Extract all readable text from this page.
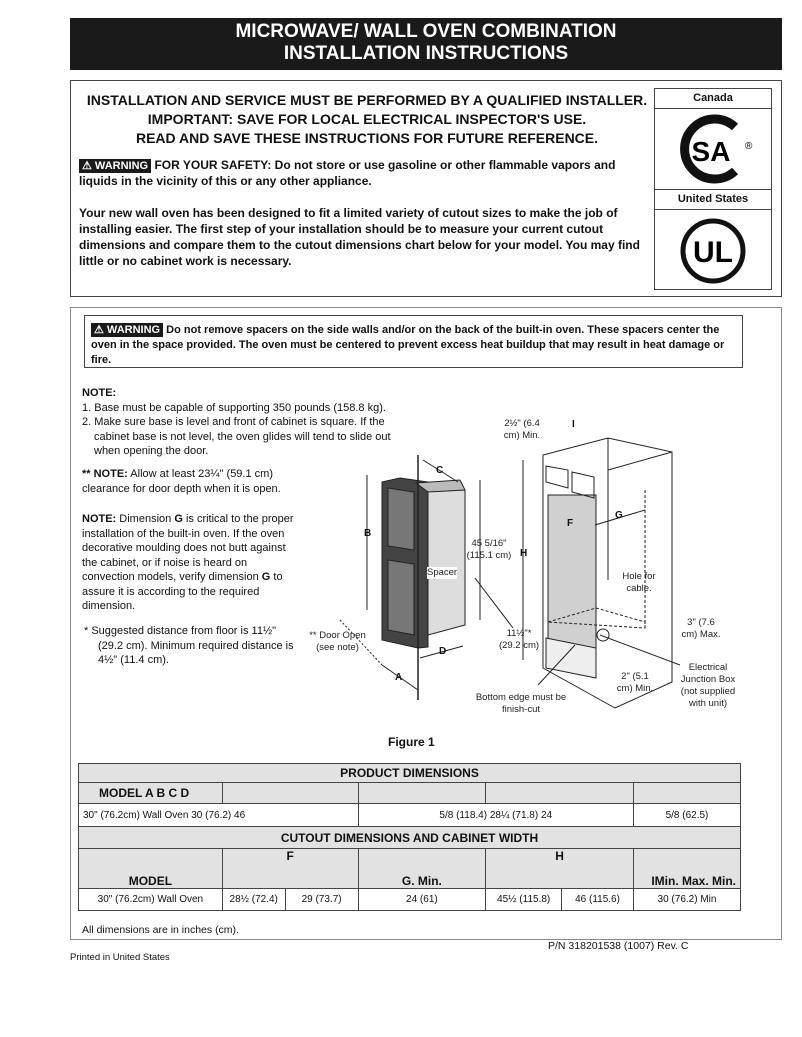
MICROWAVE/ WALL OVEN COMBINATION
INSTALLATION INSTRUCTIONS
INSTALLATION AND SERVICE MUST BE PERFORMED BY A QUALIFIED INSTALLER.
IMPORTANT: SAVE FOR LOCAL ELECTRICAL INSPECTOR'S USE.
READ AND SAVE THESE INSTRUCTIONS FOR FUTURE REFERENCE.
⚠ WARNING FOR YOUR SAFETY: Do not store or use gasoline or other flammable vapors and liquids in the vicinity of this or any other appliance.
Your new wall oven has been designed to fit a limited variety of cutout sizes to make the job of installing easier. The first step of your installation should be to measure your current cutout dimensions and compare them to the cutout dimensions chart below for your model. You may find little or no cabinet work is necessary.
Canada
SA ®
United States
UL
⚠ WARNING Do not remove spacers on the side walls and/or on the back of the built-in oven. These spacers center the oven in the space provided. The oven must be centered to prevent excess heat buildup that may result in heat damage or fire.
NOTE:
1. Base must be capable of supporting 350 pounds (158.8 kg).
2. Make sure base is level and front of cabinet is square. If the cabinet base is not level, the oven glides will tend to slide out when opening the door.
** NOTE: Allow at least 23¼" (59.1 cm) clearance for door depth when it is open.
NOTE: Dimension G is critical to the proper installation of the built-in oven. If the oven decorative moulding does not butt against the cabinet, or if noise is heard on convection models, verify dimension G to assure it is according to the required dimension.
* Suggested distance from floor is 11½" (29.2 cm). Minimum required distance is 4½" (11.4 cm).
A
B
C
D
F
G
H
I
Spacer
** Door Open (see note)
45 5/16" (115.1 cm)
2½" (6.4 cm) Min.
11½"* (29.2 cm)
Hole for cable.
3" (7.6 cm) Max.
2" (5.1 cm) Min.
Electrical Junction Box (not supplied with unit)
Bottom edge must be finish-cut
Figure 1
PRODUCT DIMENSIONS						
MODEL A B C D						
30" (76.2cm) Wall Oven 30 (76.2) 46			5/8 (118.4) 28¼ (71.8) 24			5/8 (62.5)
CUTOUT DIMENSIONS AND CABINET WIDTH						
MODEL	F		G. Min.	H		IMin. Max. Min.
30" (76.2cm) Wall Oven	28½ (72.4)	29 (73.7)	24 (61)	45½ (115.8)	46 (115.6)	30 (76.2) Min
All dimensions are in inches (cm).
P/N 318201538 (1007) Rev. C
Printed in United States
